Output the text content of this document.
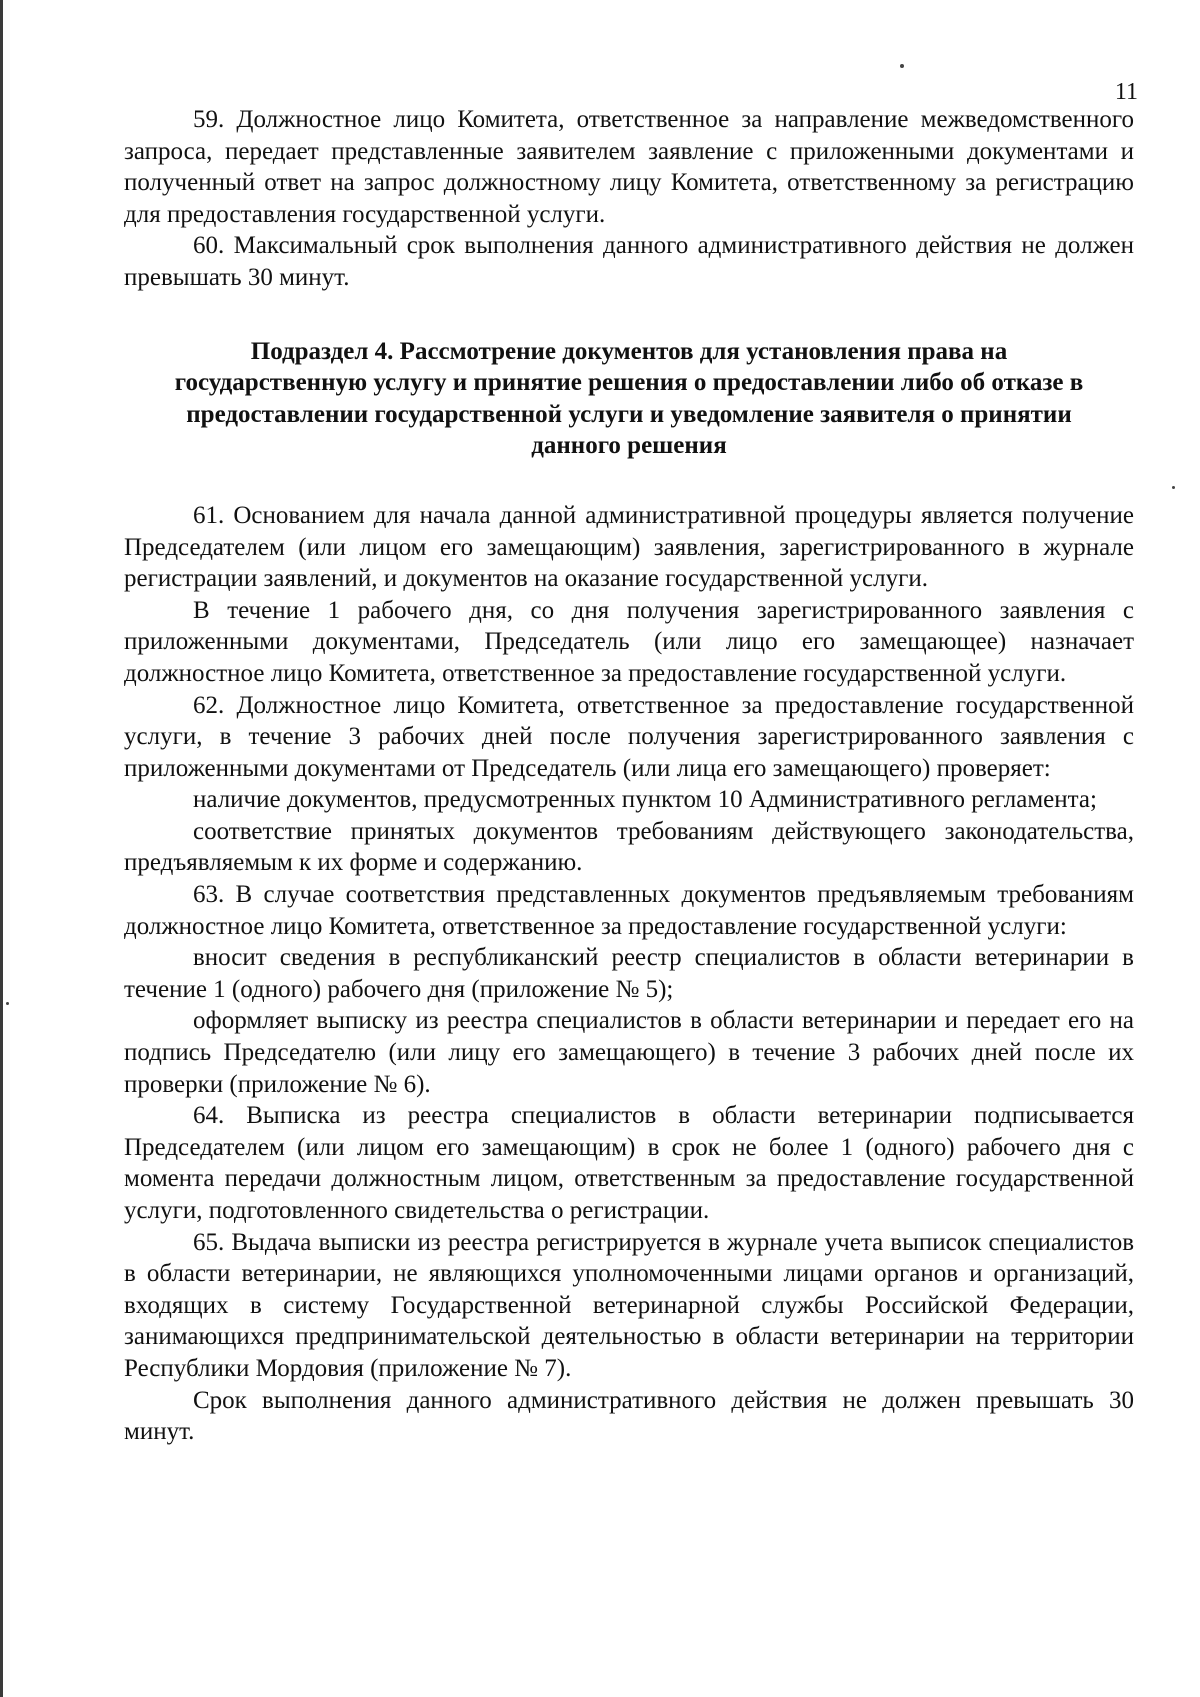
11

59. Должностное лицо Комитета, ответственное за направление межведомственного запроса, передает представленные заявителем заявление с приложенными документами и полученный ответ на запрос должностному лицу Комитета, ответственному за регистрацию для предоставления государственной услуги.

60. Максимальный срок выполнения данного административного действия не должен превышать 30 минут.

Подраздел 4. Рассмотрение документов для установления права на
государственную услугу и принятие решения о предоставлении либо об отказе в
предоставлении государственной услуги и уведомление заявителя о принятии
данного решения

61. Основанием для начала данной административной процедуры является получение Председателем (или лицом его замещающим) заявления, зарегистрированного в журнале регистрации заявлений, и документов на оказание государственной услуги.

В течение 1 рабочего дня, со дня получения зарегистрированного заявления с приложенными документами, Председатель (или лицо его замещающее) назначает должностное лицо Комитета, ответственное за предоставление государственной услуги.

62. Должностное лицо Комитета, ответственное за предоставление государственной услуги, в течение 3 рабочих дней после получения зарегистрированного заявления с приложенными документами от Председатель (или лица его замещающего) проверяет:

наличие документов, предусмотренных пунктом 10 Административного регламента;

соответствие принятых документов требованиям действующего законодательства, предъявляемым к их форме и содержанию.

63. В случае соответствия представленных документов предъявляемым требованиям должностное лицо Комитета, ответственное за предоставление государственной услуги:

вносит сведения в республиканский реестр специалистов в области ветеринарии в течение 1 (одного) рабочего дня (приложение № 5);

оформляет выписку из реестра специалистов в области ветеринарии и передает его на подпись Председателю (или лицу его замещающего) в течение 3 рабочих дней после их проверки (приложение № 6).

64. Выписка из реестра специалистов в области ветеринарии подписывается Председателем (или лицом его замещающим) в срок не более 1 (одного) рабочего дня с момента передачи должностным лицом, ответственным за предоставление государственной услуги, подготовленного свидетельства о регистрации.

65. Выдача выписки из реестра регистрируется в журнале учета выписок специалистов в области ветеринарии, не являющихся уполномоченными лицами органов и организаций, входящих в систему Государственной ветеринарной службы Российской Федерации, занимающихся предпринимательской деятельностью в области ветеринарии на территории Республики Мордовия (приложение № 7).

Срок выполнения данного административного действия не должен превышать 30 минут.
